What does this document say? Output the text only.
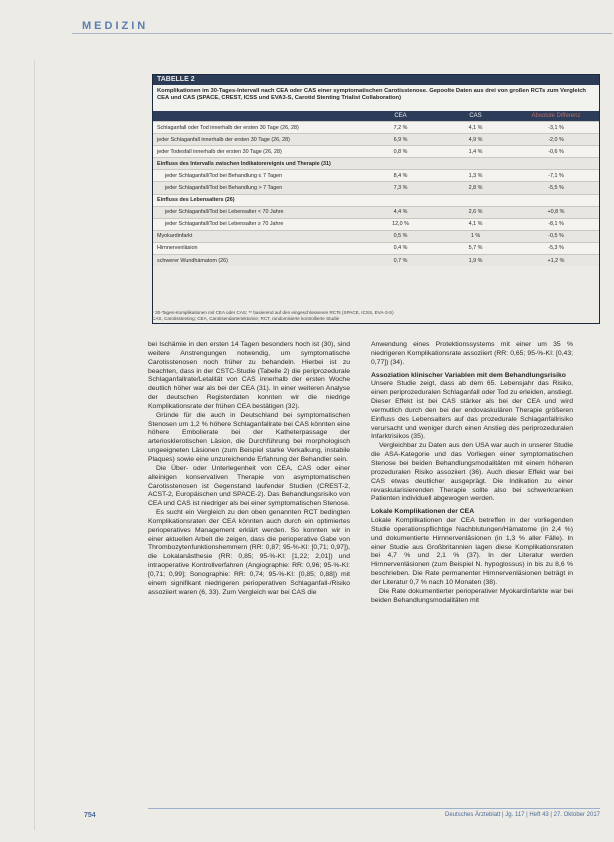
MEDIZIN
TABELLE 2
Komplikationen im 30-Tages-Intervall nach CEA oder CAS einer symptomatischen Carotisstenose. Gepoolte Daten aus drei von großen RCTs zum Vergleich CEA und CAS (SPACE, CREST, ICSS und EVA3-S, Carotid Stenting Trialist Collaboration)
CEA	CAS	Absolute Differenz
Schlaganfall oder Tod innerhalb der ersten 30 Tage (26, 28)	7,2 %	4,1 %	-3,1 %
jeder Schlaganfall innerhalb der ersten 30 Tage (26, 28)	6,9 %	4,9 %	-2,0 %
jeder Todesfall innerhalb der ersten 30 Tage (26, 28)	0,8 %	1,4 %	-0,6 %
Einfluss des Intervalls zwischen Indikatorereignis und Therapie (31)
jeder Schlaganfall/Tod bei Behandlung ≤ 7 Tagen	8,4 %	1,3 %	-7,1 %
jeder Schlaganfall/Tod bei Behandlung > 7 Tagen	7,3 %	2,8 %	-5,5 %
Einfluss des Lebensalters (26)
jeder Schlaganfall/Tod bei Lebensalter < 70 Jahre	4,4 %	2,6 %	+0,8 %
jeder Schlaganfall/Tod bei Lebensalter ≥ 70 Jahre	12,0 %	4,1 %	-8,1 %
Myokardinfarkt	0,5 %	1 %	-0,5 %
Hirnnervenläsion	0,4 %	5,7 %	-5,3 %
schwerer Wundhämatom (26)	0,7 %	1,9 %	+1,2 %
* 30-Tages-Komplikationen mit CEA oder CAS; ** basierend auf den eingeschlossenen RCTs (SPACE, ICSS, EVA-3-S)
CAS, Carotisstenting; CEA, Carotisendarteriektomie; RCT, randomisierte kontrollierte Studie

bei Ischämie in den ersten 14 Tagen besonders hoch ist (30), sind weitere Anstrengungen notwendig, um symptomatische Carotisstenosen noch früher zu behandeln. Hierbei ist zu beachten, dass in der CSTC-Studie (Tabelle 2) die periprozedurale Schlaganfallrate/Letalität von CAS innerhalb der ersten Woche deutlich höher war als bei der CEA (31). In einer weiteren Analyse der deutschen Registerdaten konnten wir die niedrige Komplikationsrate der frühen CEA bestätigen (32).

Gründe für die auch in Deutschland bei symptomatischen Stenosen um 1,2 % höhere Schlaganfallrate bei CAS könnten eine höhere Embolierate bei der Katheterpassage der arteriosklerotischen Läsion, die Durchführung bei morphologisch ungeeigneten Läsionen (zum Beispiel starke Verkalkung, instabile Plaques) sowie eine unzureichende Erfahrung der Behandler sein.

Die Über- oder Unterlegenheit von CEA, CAS oder einer alleinigen konservativen Therapie von asymptomatischen Carotisstenosen ist Gegenstand laufender Studien (CREST-2, ACST-2, Europäischen und SPACE-2). Das Behandlungsrisiko von CEA und CAS ist niedriger als bei einer symptomatischen Stenose.

Es sucht ein Vergleich zu den oben genannten RCT bedingten Komplikationsraten der CEA könnten auch durch ein optimiertes perioperatives Management erklärt werden. So konnten wir in einer aktuellen Arbeit die zeigen, dass die perioperative Gabe von Thrombozytenfunktionshemmern (RR: 0,87; 95-%-KI: [0,71; 0,97]), die Lokalanästhesie (RR: 0,85; 95-%-KI: [1,22; 2,01]) und intraoperative Kontrollverfahren (Angiographie: RR: 0,96; 95-%-KI: [0,71; 0,99]; Sonographie: RR: 0,74; 95-%-KI: [0,85; 0,88]) mit einem signifikant niedrigeren perioperativen Schlaganfall-/Risiko assoziiert waren (6, 33). Zum Vergleich war bei CAS die

Anwendung eines Protektionssystems mit einer um 35 % niedrigeren Komplikationsrate assoziiert (RR: 0,65; 95-%-KI: [0,43; 0,77]) (34).

Assoziation klinischer Variablen mit dem Behandlungsrisiko

Unsere Studie zeigt, dass ab dem 65. Lebensjahr das Risiko, einen periprozeduralen Schlaganfall oder Tod zu erleiden, anstiegt. Dieser Effekt ist bei CAS stärker als bei der CEA und wird vermutlich durch den bei der endovaskulären Therapie größeren Einfluss des Lebensalters auf das prozedurale Schlaganfallrisiko verursacht und weniger durch einen Anstieg des periprozeduralen Infarktrisikos (35).

Vergleichbar zu Daten aus den USA war auch in unserer Studie die ASA-Kategorie und das Vorliegen einer symptomatischen Stenose bei beiden Behandlungsmodalitäten mit einem höheren prozeduralen Risiko assoziiert (36). Auch dieser Effekt war bei CAS etwas deutlicher ausgeprägt. Die Indikation zu einer revaskularisierenden Therapie sollte also bei schwerkranken Patienten individuell abgewogen werden.

Lokale Komplikationen der CEA

Lokale Komplikationen der CEA betreffen in der vorliegenden Studie operationspflichtige Nachblutungen/Hämatome (in 2,4 %) und dokumentierte Hirnnervenläsionen (in 1,3 % aller Fälle). In einer Studie aus Großbritannien lagen diese Komplikationsraten bei 4,7 % und 2,1 % (37). In der Literatur werden Hirnnervenläsionen (zum Beispiel N. hypoglossus) in bis zu 8,6 % beschrieben. Die Rate permanenter Hirnnervenläsionen beträgt in der Literatur 0,7 % nach 10 Monaten (38).

Die Rate dokumentierter perioperativer Myokardinfarkte war bei beiden Behandlungsmodalitäten mit

754	Deutsches Ärzteblatt | Jg. 117 | Heft 43 | 27. Oktober 2017
